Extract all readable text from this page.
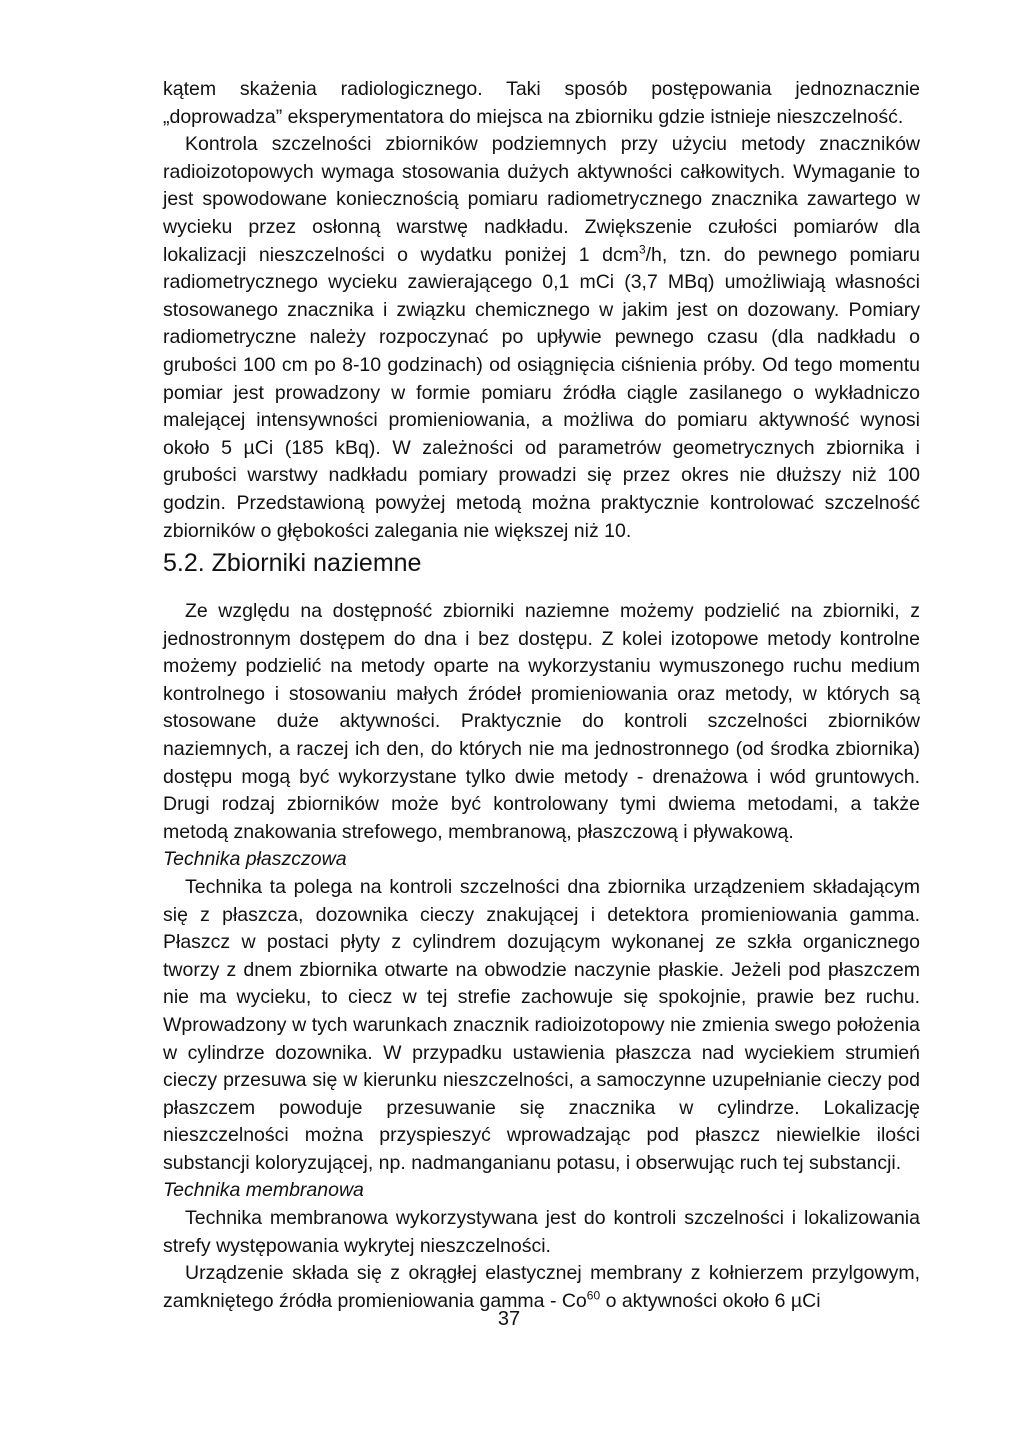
kątem skażenia radiologicznego. Taki sposób postępowania jednoznacznie „doprowadza” eksperymentatora do miejsca na zbiorniku gdzie istnieje nieszczelność.

Kontrola szczelności zbiorników podziemnych przy użyciu metody znaczników radioizotopowych wymaga stosowania dużych aktywności całkowitych. Wymaganie to jest spowodowane koniecznością pomiaru radiometrycznego znacznika zawartego w wycieku przez osłonną warstwę nadkładu. Zwiększenie czułości pomiarów dla lokalizacji nieszczelności o wydatku poniżej 1 dcm$^3$/h, tzn. do pewnego pomiaru radiometrycznego wycieku zawierającego 0,1 mCi (3,7 MBq) umożliwiają własności stosowanego znacznika i związku chemicznego w jakim jest on dozowany. Pomiary radiometryczne należy rozpoczynać po upływie pewnego czasu (dla nadkładu o grubości 100 cm po 8-10 godzinach) od osiągnięcia ciśnienia próby. Od tego momentu pomiar jest prowadzony w formie pomiaru źródła ciągle zasilanego o wykładniczo malejącej intensywności promieniowania, a możliwa do pomiaru aktywność wynosi około 5 µCi (185 kBq). W zależności od parametrów geometrycznych zbiornika i grubości warstwy nadkładu pomiary prowadzi się przez okres nie dłuższy niż 100 godzin. Przedstawioną powyżej metodą można praktycznie kontrolować szczelność zbiorników o głębokości zalegania nie większej niż 10.

5.2. Zbiorniki naziemne

Ze względu na dostępność zbiorniki naziemne możemy podzielić na zbiorniki, z jednostronnym dostępem do dna i bez dostępu. Z kolei izotopowe metody kontrolne możemy podzielić na metody oparte na wykorzystaniu wymuszonego ruchu medium kontrolnego i stosowaniu małych źródeł promieniowania oraz metody, w których są stosowane duże aktywności. Praktycznie do kontroli szczelności zbiorników naziemnych, a raczej ich den, do których nie ma jednostronnego (od środka zbiornika) dostępu mogą być wykorzystane tylko dwie metody - drenażowa i wód gruntowych. Drugi rodzaj zbiorników może być kontrolowany tymi dwiema metodami, a także metodą znakowania strefowego, membranową, płaszczową i pływakową.

Technika płaszczowa

Technika ta polega na kontroli szczelności dna zbiornika urządzeniem składającym się z płaszcza, dozownika cieczy znakującej i detektora promieniowania gamma. Płaszcz w postaci płyty z cylindrem dozującym wykonanej ze szkła organicznego tworzy z dnem zbiornika otwarte na obwodzie naczynie płaskie. Jeżeli pod płaszczem nie ma wycieku, to ciecz w tej strefie zachowuje się spokojnie, prawie bez ruchu. Wprowadzony w tych warunkach znacznik radioizotopowy nie zmienia swego położenia w cylindrze dozownika. W przypadku ustawienia płaszcza nad wyciekiem strumień cieczy przesuwa się w kierunku nieszczelności, a samoczynne uzupełnianie cieczy pod płaszczem powoduje przesuwanie się znacznika w cylindrze. Lokalizację nieszczelności można przyspieszyć wprowadzając pod płaszcz niewielkie ilości substancji koloryzującej, np. nadmanganianu potasu, i obserwując ruch tej substancji.

Technika membranowa

Technika membranowa wykorzystywana jest do kontroli szczelności i lokalizowania strefy występowania wykrytej nieszczelności.

Urządzenie składa się z okrągłej elastycznej membrany z kołnierzem przylgowym, zamkniętego źródła promieniowania gamma - Co$^{60}$ o aktywności około 6 µCi

37
